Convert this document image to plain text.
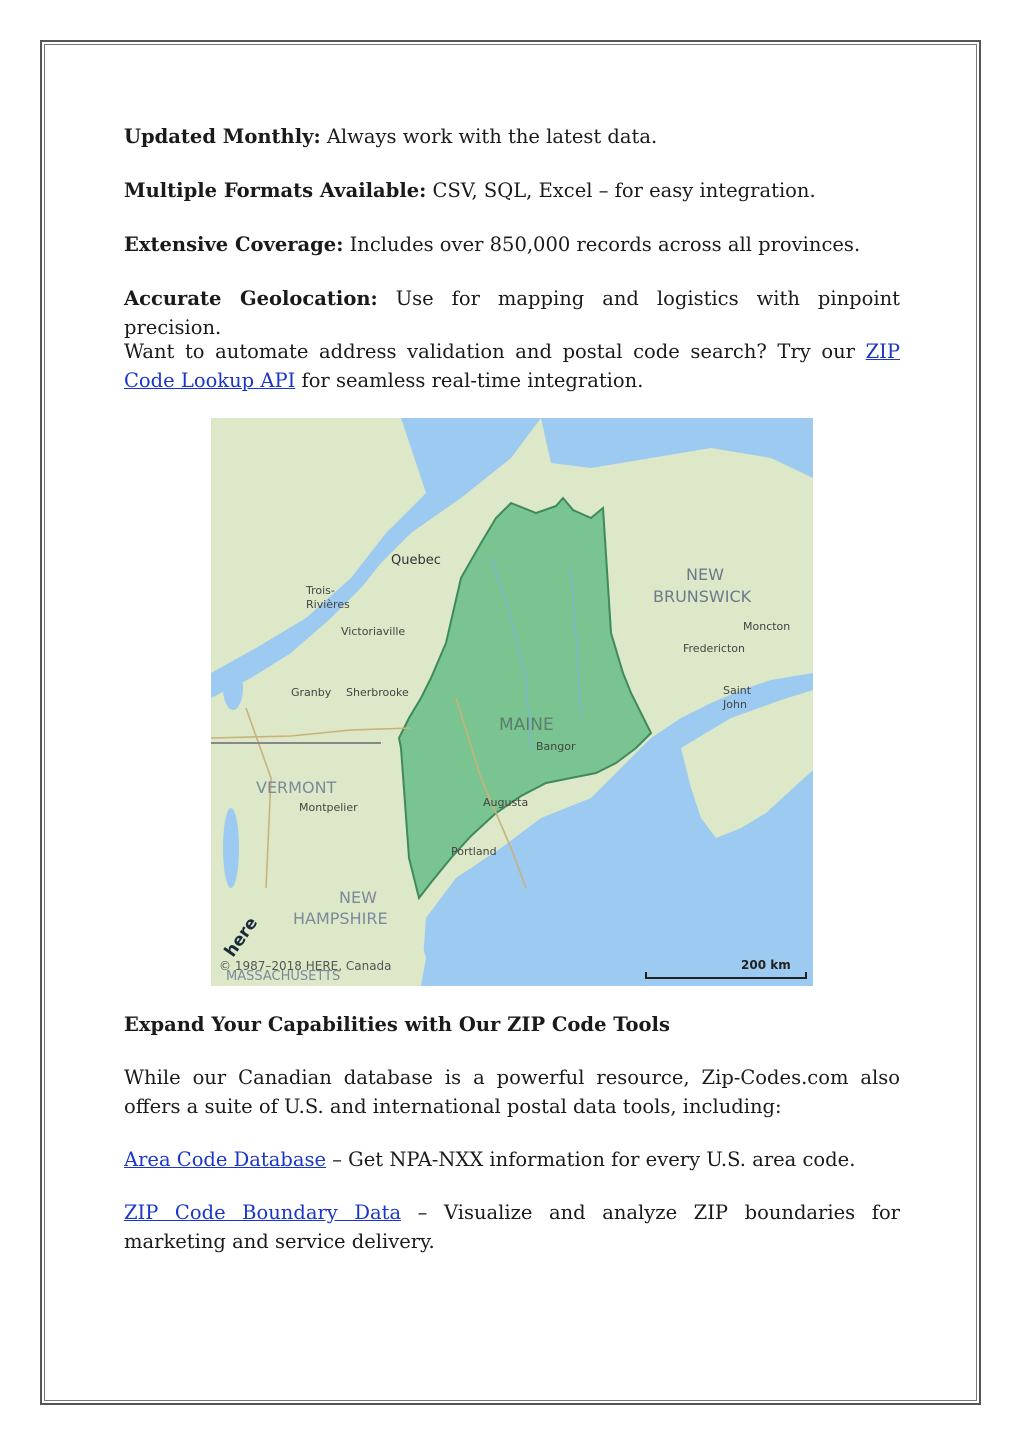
Updated Monthly: Always work with the latest data.

Multiple Formats Available: CSV, SQL, Excel – for easy integration.

Extensive Coverage: Includes over 850,000 records across all provinces.

Accurate Geolocation: Use for mapping and logistics with pinpoint precision.

Want to automate address validation and postal code search? Try our ZIP Code Lookup API for seamless real-time integration.

Expand Your Capabilities with Our ZIP Code Tools

While our Canadian database is a powerful resource, Zip-Codes.com also offers a suite of U.S. and international postal data tools, including:

Area Code Database – Get NPA-NXX information for every U.S. area code.

ZIP Code Boundary Data – Visualize and analyze ZIP boundaries for marketing and service delivery.

Quebec
Trois-
Rivières
Victoriaville
Granby Sherbrooke
NEW
BRUNSWICK
Moncton
Fredericton
Saint
John
MAINE
Bangor
Augusta
Portland
VERMONT
Montpelier
NEW
HAMPSHIRE
MASSACHUSETTS
here
© 1987–2018 HERE, Canada	200 km
